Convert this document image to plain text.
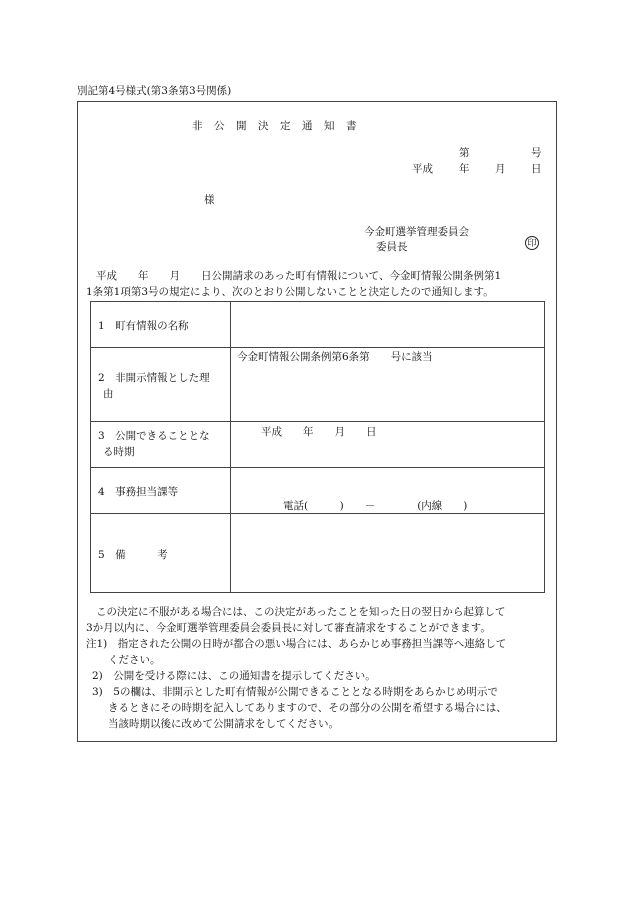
別記第4号様式(第3条第3号関係)
非　公　開　決　定　通　知　書
第	号
平成 年 月 日
様
今金町選挙管理委員会
委員長	印
平成　　年　　月　　日公開請求のあった町有情報について、今金町情報公開条例第1
1条第1項第3号の規定により、次のとおり公開しないことと決定したので通知します。
1　町有情報の名称	

2　非開示情報とした理
由	今金町情報公開条例第6条第　　号に該当

3　公開できることとな
る時期	平成　　年　　月　　日

4　事務担当課等	電話(　　　)　　－　　　　(内線　　)

5　備　　　考	

この決定に不服がある場合には、この決定があったことを知った日の翌日から起算して
3か月以内に、今金町選挙管理委員会委員長に対して審査請求をすることができます。
注1)　指定された公開の日時が都合の悪い場合には、あらかじめ事務担当課等へ連絡して
ください。
2)　公開を受ける際には、この通知書を提示してください。
3)　5の欄は、非開示とした町有情報が公開できることとなる時期をあらかじめ明示で
きるときにその時期を記入してありますので、その部分の公開を希望する場合には、
当該時期以後に改めて公開請求をしてください。
